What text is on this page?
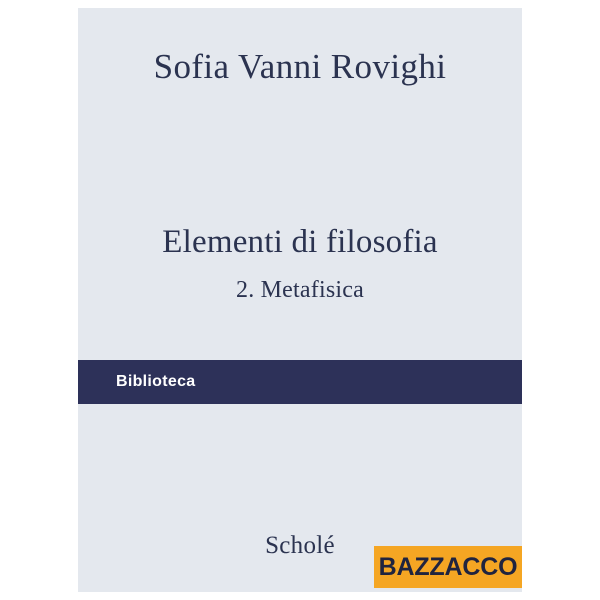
Sofia Vanni Rovighi
Elementi di filosofia
2. Metafisica
Biblioteca
Scholé
BAZZACCO
